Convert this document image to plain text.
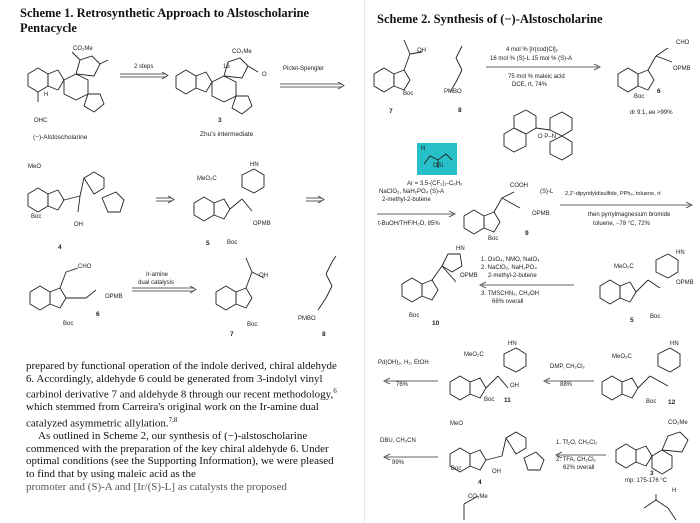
Scheme 1. Retrosynthetic Approach to Alstoscholarine
Pentacycle
CO₂Me
OHC
H
(−)-Alstoscholarine
2 steps
CO₂Me
16
O
3
Zhu's intermediate
Pictet-Spengler
MeO
Boc
OH
4
MeO₂C
HN
OPMB
5	Boc
CHO
OPMB
Boc
6
Ir-amine
dual catalysis
OH
Boc
7
PMBO
8
prepared by functional operation of the indole derived, chiral aldehyde 6. Accordingly, aldehyde 6 could be generated from 3-indolyl vinyl carbinol derivative 7 and aldehyde 8 through our recent methodology,$^6$ which stemmed from Carreira's original work on the Ir-amine dual catalyzed asymmetric allylation.$^{7,8}$
As outlined in Scheme 2, our synthesis of (−)-alstoscholarine commenced with the preparation of the key chiral aldehyde 6. Under optimal conditions (see the Supporting Information), we were pleased to find that by using maleic acid as the
promoter and (S)-A and [Ir/(S)-L] as catalysts the proposed
Scheme 2. Synthesis of (−)-Alstoscholarine
OH
Boc	PMBO
7	8
4 mol % [Ir(cod)Cl]₂
16 mol % (S)-L 15 mol % (S)-A
75 mol % maleic acid
DCE, rt, 74%
CHO
OPMB
Boc
6
dr 9:1, ee >99%
N
OSi
Ar = 3,5-(CF₃)₂-C₆H₃
(S)-A
O P–N
(S)-L
NaClO₂, NaH₂PO₄
2-methyl-2-butene
t-BuOH/THF/H₂O, 85%
COOH
OPMB
Boc
9
2,2'-dipyridyldisulfide, PPh₃, toluene, rt
then pyrrylmagnesium bromide
toluene, −78 °C, 72%
HN
OPMB
Boc
10
1. OsO₄, NMO, NaIO₄
2. NaClO₂, NaH₂PO₄
2-methyl-2-butene
3. TMSCHN₂, CH₃OH
66% overall
MeO₂C
HN
OPMB
5	Boc
Pd(OH)₂, H₂, EtOH
76%
MeO₂C
HN
OH
Boc 11
DMP, CH₂Cl₂
88%
MeO₂C
HN
Boc 12
DBU, CH₃CN
99%
MeO
Boc	OH
4
1. Tf₂O, CH₂Cl₂
2. TFA, CH₂Cl₂
62% overall
CO₂Me
3
mp: 175-176 °C
CO₂Me
H
